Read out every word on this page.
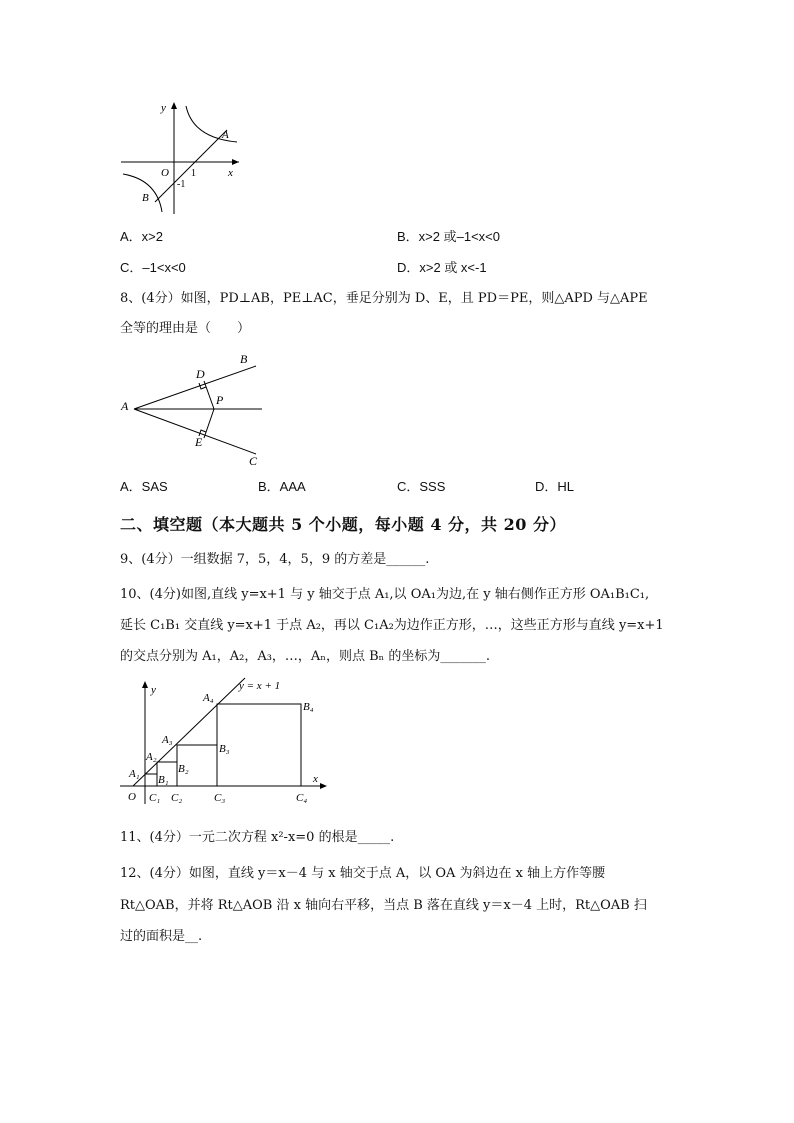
y
x
O 1
-1
A
B
A．x>2	B．x>2 或–1<x<0
C．–1<x<0	D．x>2 或 x<-1
8、(4分）如图，PD⊥AB，PE⊥AC，垂足分别为 D、E，且 PD＝PE，则△APD 与△APE
全等的理由是（　　）
A
B
C
D
E
P
A．SAS	B．AAA	C．SSS	D．HL
二、填空题（本大题共 5 个小题，每小题 4 分，共 20 分）
9、(4分）一组数据 7，5，4，5，9 的方差是______.
10、(4分)如图,直线 y=x+1 与 y 轴交于点 A₁,以 OA₁为边,在 y 轴右侧作正方形 OA₁B₁C₁,
延长 C₁B₁ 交直线 y=x+1 于点 A₂，再以 C₁A₂为边作正方形，…，这些正方形与直线 y=x+1
的交点分别为 A₁，A₂，A₃，…，Aₙ，则点 Bₙ 的坐标为_______.
y = x + 1
y
x
O
A₁
A₂
A₃
A₄
B₁
B₂
B₃
B₄
C₁ C₂	C₃	C₄
11、(4分）一元二次方程 x²-x=0 的根是_____.
12、(4分）如图，直线 y＝x－4 与 x 轴交于点 A，以 OA 为斜边在 x 轴上方作等腰
Rt△OAB，并将 Rt△AOB 沿 x 轴向右平移，当点 B 落在直线 y＝x－4 上时，Rt△OAB 扫
过的面积是__.
